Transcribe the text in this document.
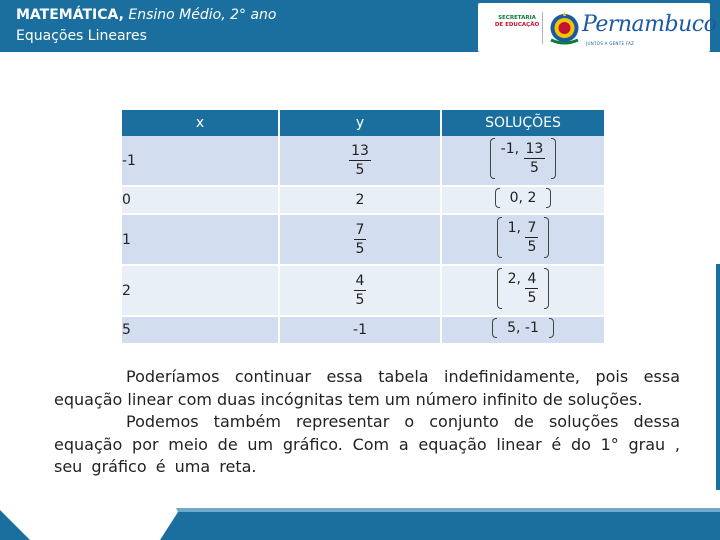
MATEMÁTICA, Ensino Médio, 2° ano
Equações Lineares
SECRETARIA
DE EDUCAÇÃO Pernambuco
JUNTOS A GENTE FAZ
x	y	SOLUÇÕES
-1	$\frac{13}{5}$	-1, $\frac{13}{5}$

0	2	0, 2

1	$\frac{7}{5}$	1, $\frac{7}{5}$

2	$\frac{4}{5}$	2, $\frac{4}{5}$

5	-1	5, -1

Poderíamos continuar essa tabela indefinidamente, pois essa equação linear com duas incógnitas tem um número infinito de soluções.

Podemos também representar o conjunto de soluções dessa equação por meio de um gráfico. Com a equação linear é do 1° grau , seu gráfico é uma reta.
